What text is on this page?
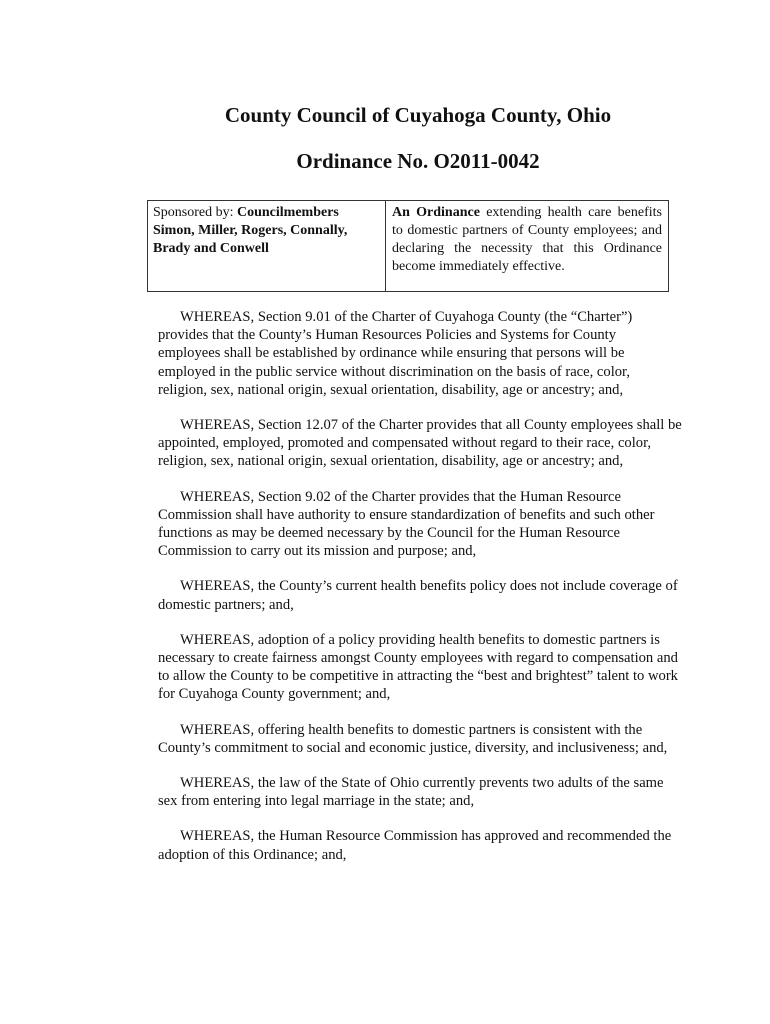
County Council of Cuyahoga County, Ohio
Ordinance No. O2011-0042
Sponsored by: Councilmembers Simon, Miller, Rogers, Connally, Brady and Conwell
An Ordinance extending health care benefits to domestic partners of County employees; and declaring the necessity that this Ordinance become immediately effective.

WHEREAS, Section 9.01 of the Charter of Cuyahoga County (the “Charter”) provides that the County’s Human Resources Policies and Systems for County employees shall be established by ordinance while ensuring that persons will be employed in the public service without discrimination on the basis of race, color, religion, sex, national origin, sexual orientation, disability, age or ancestry; and,

WHEREAS, Section 12.07 of the Charter provides that all County employees shall be appointed, employed, promoted and compensated without regard to their race, color, religion, sex, national origin, sexual orientation, disability, age or ancestry; and,

WHEREAS, Section 9.02 of the Charter provides that the Human Resource Commission shall have authority to ensure standardization of benefits and such other functions as may be deemed necessary by the Council for the Human Resource Commission to carry out its mission and purpose; and,

WHEREAS, the County’s current health benefits policy does not include coverage of domestic partners; and,

WHEREAS, adoption of a policy providing health benefits to domestic partners is necessary to create fairness amongst County employees with regard to compensation and to allow the County to be competitive in attracting the “best and brightest” talent to work for Cuyahoga County government; and,

WHEREAS, offering health benefits to domestic partners is consistent with the County’s commitment to social and economic justice, diversity, and inclusiveness; and,

WHEREAS, the law of the State of Ohio currently prevents two adults of the same sex from entering into legal marriage in the state; and,

WHEREAS, the Human Resource Commission has approved and recommended the adoption of this Ordinance; and,
